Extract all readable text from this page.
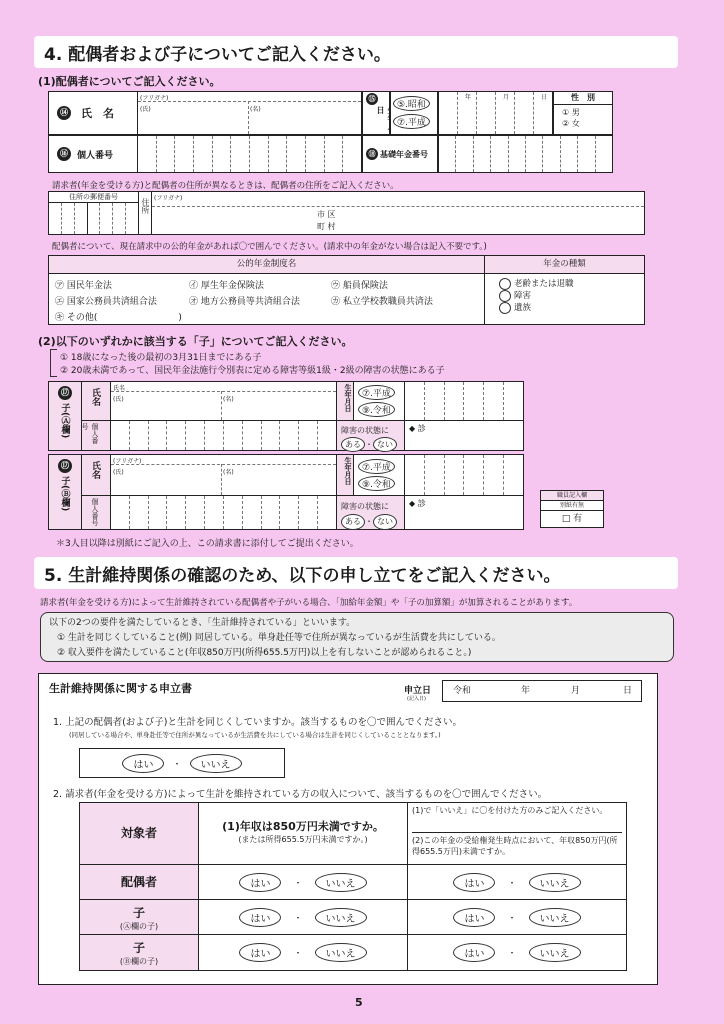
4. 配偶者および子についてご記入ください。
(1)配偶者についてご記入ください。
⑭ 氏　名
(フリガナ)
(氏)	(名)
⑮
日	⑤.昭和 ⑦.平成
年	月	日	性　別
① 男
② 女
⑯	個人番号	⑱ 基礎年金番号
請求者(年金を受ける方)と配偶者の住所が異なるときは、配偶者の住所をご記入ください。
住所の郵便番号
住所 (フリガナ)
市 区
町 村
配偶者について、現在請求中の公的年金があれば〇で囲んでください。(請求中の年金がない場合は記入不要です。)
公的年金制度名	年金の種類
㋐ 国民年金法	㋑ 厚生年金保険法	㋒ 船員保険法
㋓ 国家公務員共済組合法	㋔ 地方公務員等共済組合法	㋕ 私立学校教職員共済法
㋖ その他(　　　　　　　　　)
老齢または退職
障害
遺族
(2)以下のいずれかに該当する「子」についてご記入ください。
① 18歳になった後の最初の3月31日までにある子
② 20歳未満であって、国民年金法施行令別表に定める障害等級1級・2級の障害の状態にある子
⑰
子(Ⓐ欄)
氏名
個人番号
氏名
(氏)	(名)	生年月日	⑦.平成 ⑨.令和
障害の状態に
ある ・ ない
◆ 診
⑰
子(Ⓑ欄)
氏名
個人番号
(フリガナ)
(氏)	(名)	生年月日	⑦.平成 ⑨.令和
障害の状態に
ある ・ ない
◆ 診
職員記入欄
別紙有無
□ 有
＊3人目以降は別紙にご記入の上、この請求書に添付してご提出ください。
5. 生計維持関係の確認のため、以下の申し立てをご記入ください。
請求者(年金を受ける方)によって生計維持されている配偶者や子がいる場合、「加給年金額」や「子の加算額」が加算されることがあります。
以下の2つの要件を満たしているとき、「生計維持されている」といいます。
① 生計を同じくしていること(例) 同居している。単身赴任等で住所が異なっているが生活費を共にしている。
② 収入要件を満たしていること(年収850万円(所得655.5万円)以上を有しないことが認められること。)
生計維持関係に関する申立書	申立日
(記入日)
令和	年	月	日
1. 上記の配偶者(および子)と生計を同じくしていますか。該当するものを〇で囲んでください。
(同居している場合や、単身赴任等で住所が異なっているが生活費を共にしている場合は生計を同じくしていることとなります。)
はい	・	いいえ
2. 請求者(年金を受ける方)によって生計を維持されている方の収入について、該当するものを〇で囲んでください。
対象者	(1)年収は850万円未満ですか。
(または所得655.5万円未満ですか。)
(1)で「いいえ」に〇を付けた方のみご記入ください。
(2)この年金の受給権発生時点において、年収850万円(所得655.5万円)未満ですか。
配偶者	はい	・	いいえ	はい	・	いいえ
子
(Ⓐ欄の子)
はい	・	いいえ	はい	・	いいえ
子
(Ⓑ欄の子)
はい	・	いいえ	はい	・	いいえ
5
